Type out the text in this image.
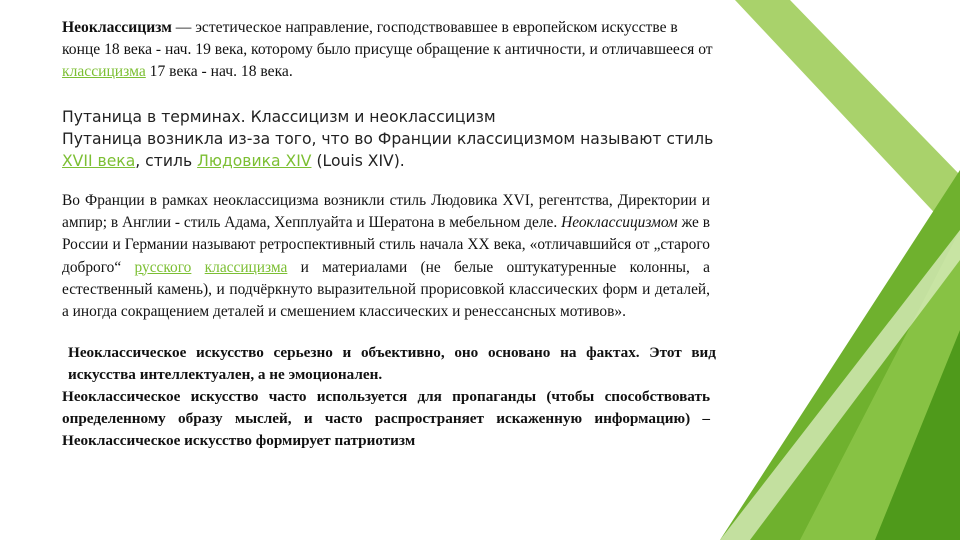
Неоклассицизм — эстетическое направление, господствовавшее в европейском искусстве в конце 18 века - нач. 19 века, которому было присуще обращение к античности, и отличавшееся от классицизма 17 века - нач. 18 века.
Путаница в терминах. Классицизм и неоклассицизм
Путаница возникла из-за того, что во Франции классицизмом называют стиль XVII века, стиль Людовика XIV (Louis XIV).
Во Франции в рамках неоклассицизма возникли стиль Людовика XVI, регентства, Директории и ампир; в Англии - стиль Адама, Хепплуайта и Шератона в мебельном деле. Неоклассицизмом же в России и Германии называют ретроспективный стиль начала XX века, «отличавшийся от „старого доброго“ русского классицизма и материалами (не белые оштукатуренные колонны, а естественный камень), и подчёркнуто выразительной прорисовкой классических форм и деталей, а иногда сокращением деталей и смешением классических и ренессансных мотивов».
Неоклассическое искусство серьезно и объективно, оно основано на фактах. Этот вид искусства интеллектуален, а не эмоционален.
Неоклассическое искусство часто используется для пропаганды (чтобы способствовать определенному образу мыслей, и часто распространяет искаженную информацию) – Неоклассическое искусство формирует патриотизм
